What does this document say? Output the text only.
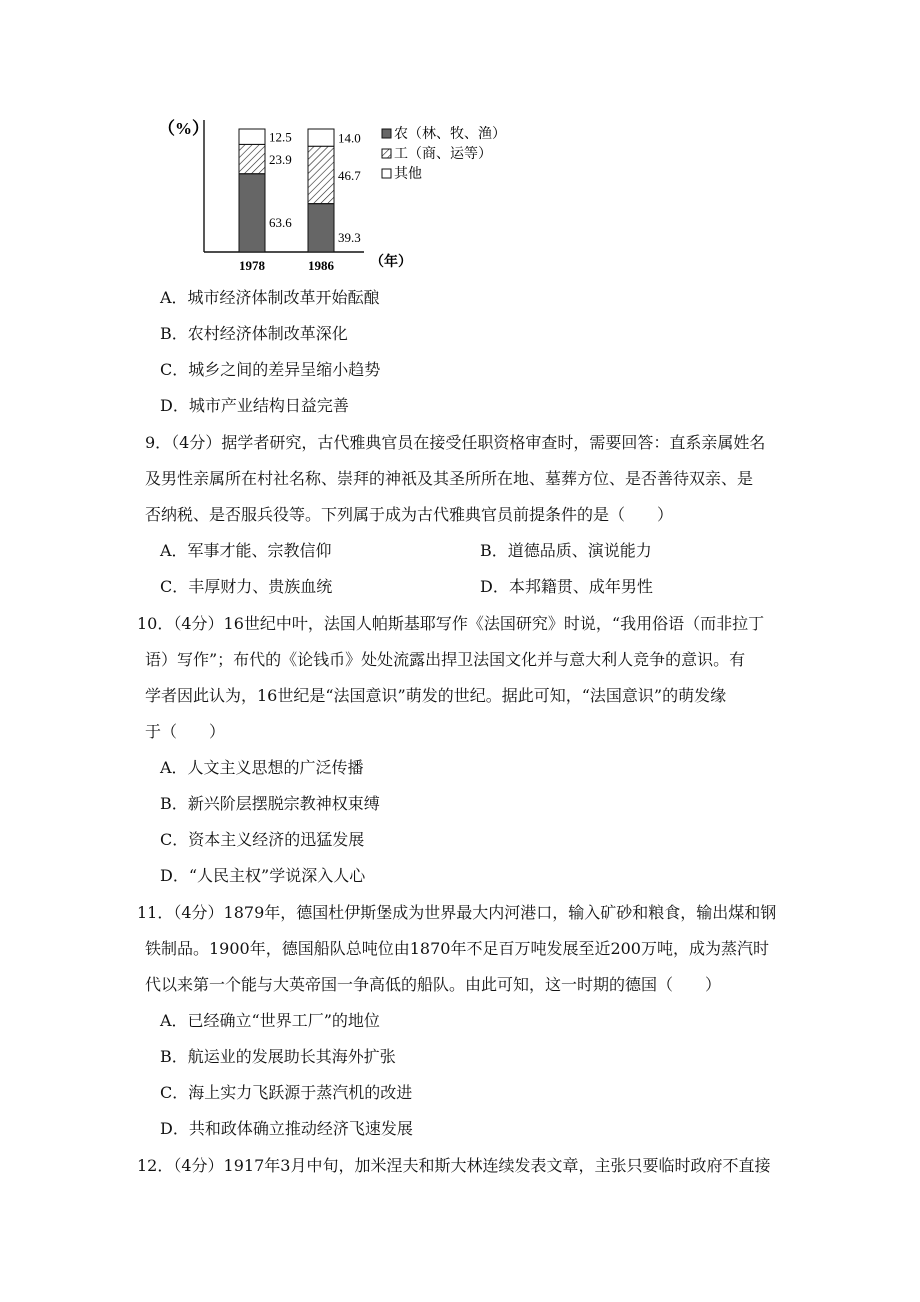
（%）
63.6
23.9
12.5
1978
39.3
46.7
14.0
1986
农（林、牧、渔）
工（商、运等）
其他
（年）
A．城市经济体制改革开始酝酿
B．农村经济体制改革深化
C．城乡之间的差异呈缩小趋势
D．城市产业结构日益完善
9．（4分）据学者研究，古代雅典官员在接受任职资格审查时，需要回答：直系亲属姓名
及男性亲属所在村社名称、崇拜的神祇及其圣所所在地、墓葬方位、是否善待双亲、是
否纳税、是否服兵役等。下列属于成为古代雅典官员前提条件的是（　　）
A．军事才能、宗教信仰	B．道德品质、演说能力
C．丰厚财力、贵族血统	D．本邦籍贯、成年男性
10．（4分）16世纪中叶，法国人帕斯基耶写作《法国研究》时说，“我用俗语（而非拉丁
语）写作”；布代的《论钱币》处处流露出捍卫法国文化并与意大利人竞争的意识。有
学者因此认为，16世纪是“法国意识”萌发的世纪。据此可知，“法国意识”的萌发缘
于（　　）
A．人文主义思想的广泛传播
B．新兴阶层摆脱宗教神权束缚
C．资本主义经济的迅猛发展
D．“人民主权”学说深入人心
11．（4分）1879年，德国杜伊斯堡成为世界最大内河港口，输入矿砂和粮食，输出煤和钢
铁制品。1900年，德国船队总吨位由1870年不足百万吨发展至近200万吨，成为蒸汽时
代以来第一个能与大英帝国一争高低的船队。由此可知，这一时期的德国（　　）
A．已经确立“世界工厂”的地位
B．航运业的发展助长其海外扩张
C．海上实力飞跃源于蒸汽机的改进
D．共和政体确立推动经济飞速发展
12．（4分）1917年3月中旬，加米涅夫和斯大林连续发表文章，主张只要临时政府不直接
